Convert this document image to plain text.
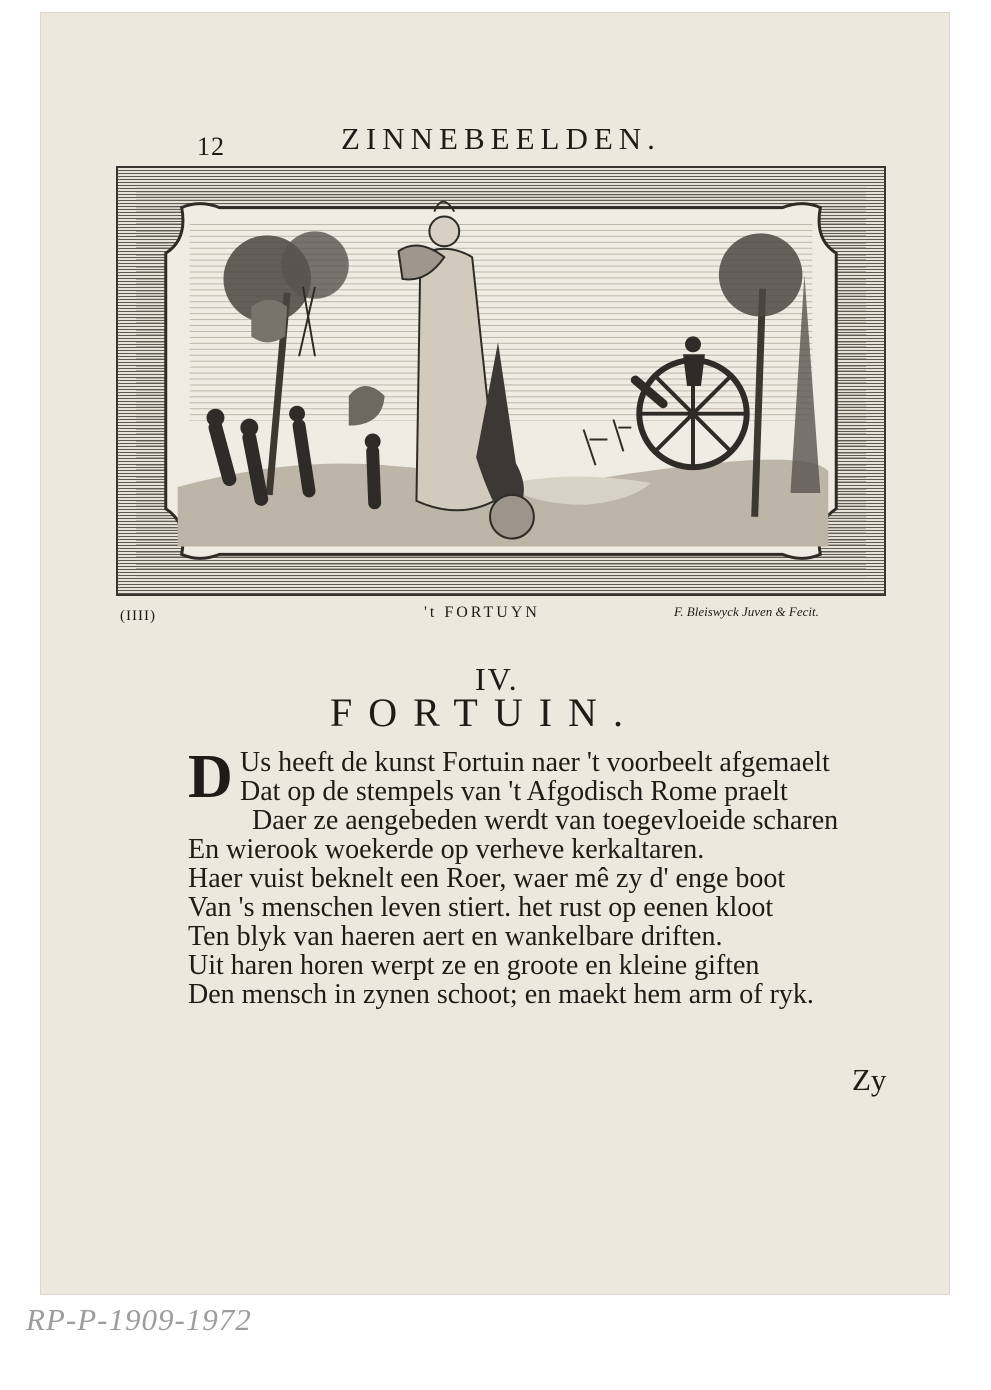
12	ZINNEBEELDEN.
(IIII)	't FORTUYN	F. Bleiswyck Juven & Fecit.
IV.
FORTUIN.
D Us heeft de kunst Fortuin naer 't voorbeelt afgemaelt
Dat op de stempels van 't Afgodisch Rome praelt
Daer ze aengebeden werdt van toegevloeide scharen
En wierook woekerde op verheve kerkaltaren.
Haer vuist beknelt een Roer, waer mê zy d' enge boot
Van 's menschen leven stiert. het rust op eenen kloot
Ten blyk van haeren aert en wankelbare driften.
Uit haren horen werpt ze en groote en kleine giften
Den mensch in zynen schoot; en maekt hem arm of ryk.
Zy
RP-P-1909-1972
